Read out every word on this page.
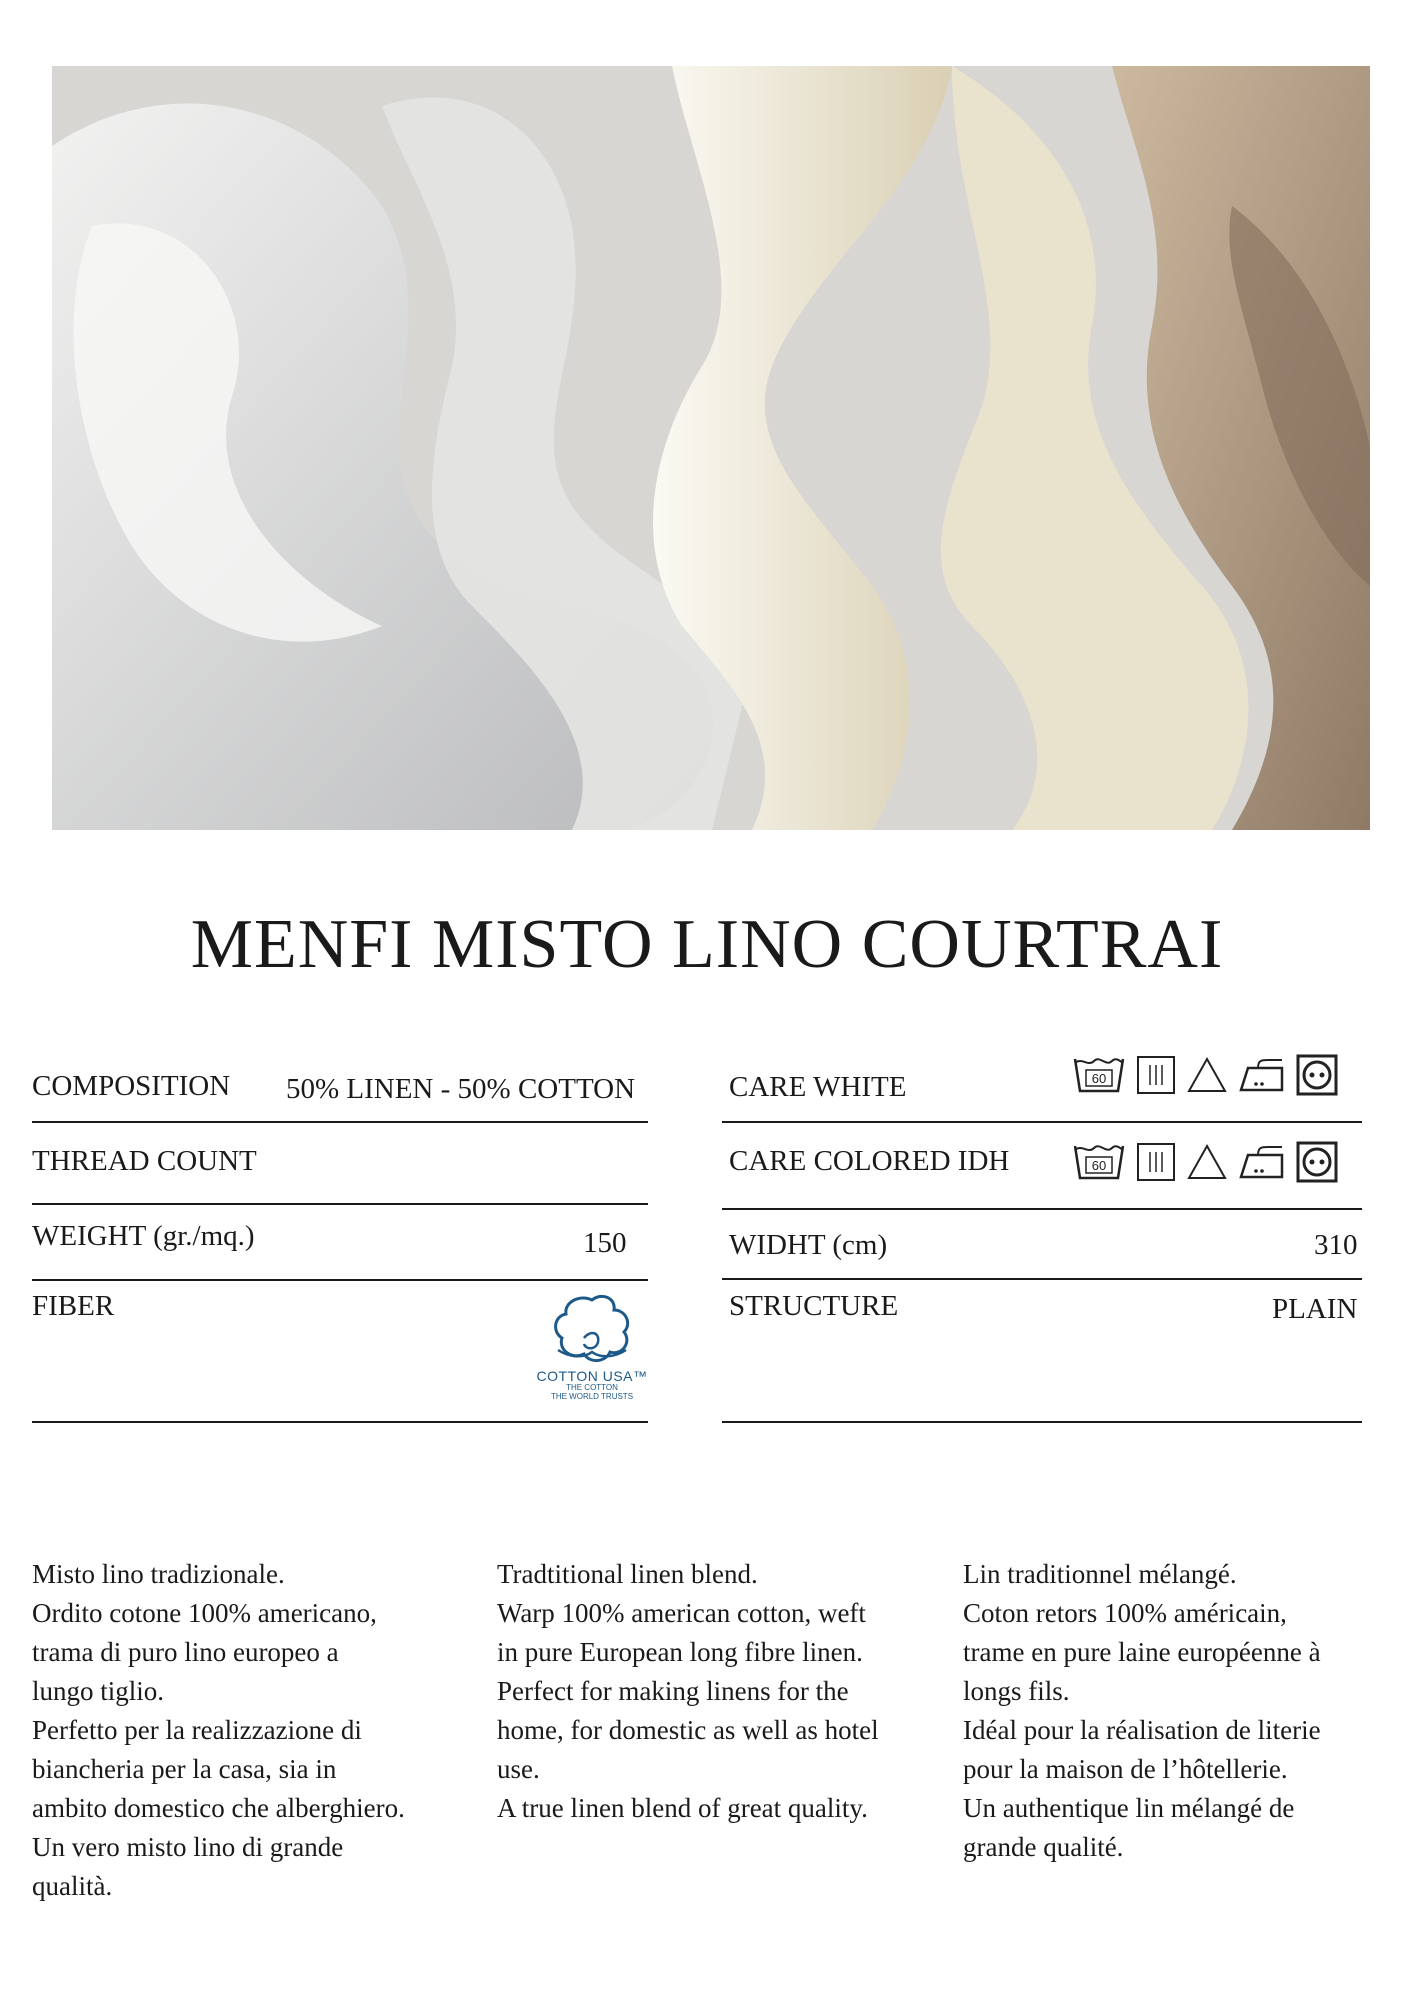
MENFI MISTO LINO COURTRAI
COMPOSITION 50% LINEN - 50% COTTON
THREAD COUNT
WEIGHT (gr./mq.)	150
FIBER
COTTON USA™
THE COTTON
THE WORLD TRUSTS
CARE WHITE	60
CARE COLORED IDH	60
WIDHT (cm)	310
STRUCTURE	PLAIN
Misto lino tradizionale.
Ordito cotone 100% americano,
trama di puro lino europeo a
lungo tiglio.
Perfetto per la realizzazione di
biancheria per la casa, sia in
ambito domestico che alberghiero.
Un vero misto lino di grande
qualità.
Tradtitional linen blend.
Warp 100% american cotton, weft
in pure European long fibre linen.
Perfect for making linens for the
home, for domestic as well as hotel
use.
A true linen blend of great quality.
Lin traditionnel mélangé.
Coton retors 100% américain,
trame en pure laine européenne à
longs fils.
Idéal pour la réalisation de literie
pour la maison de l’hôtellerie.
Un authentique lin mélangé de
grande qualité.
